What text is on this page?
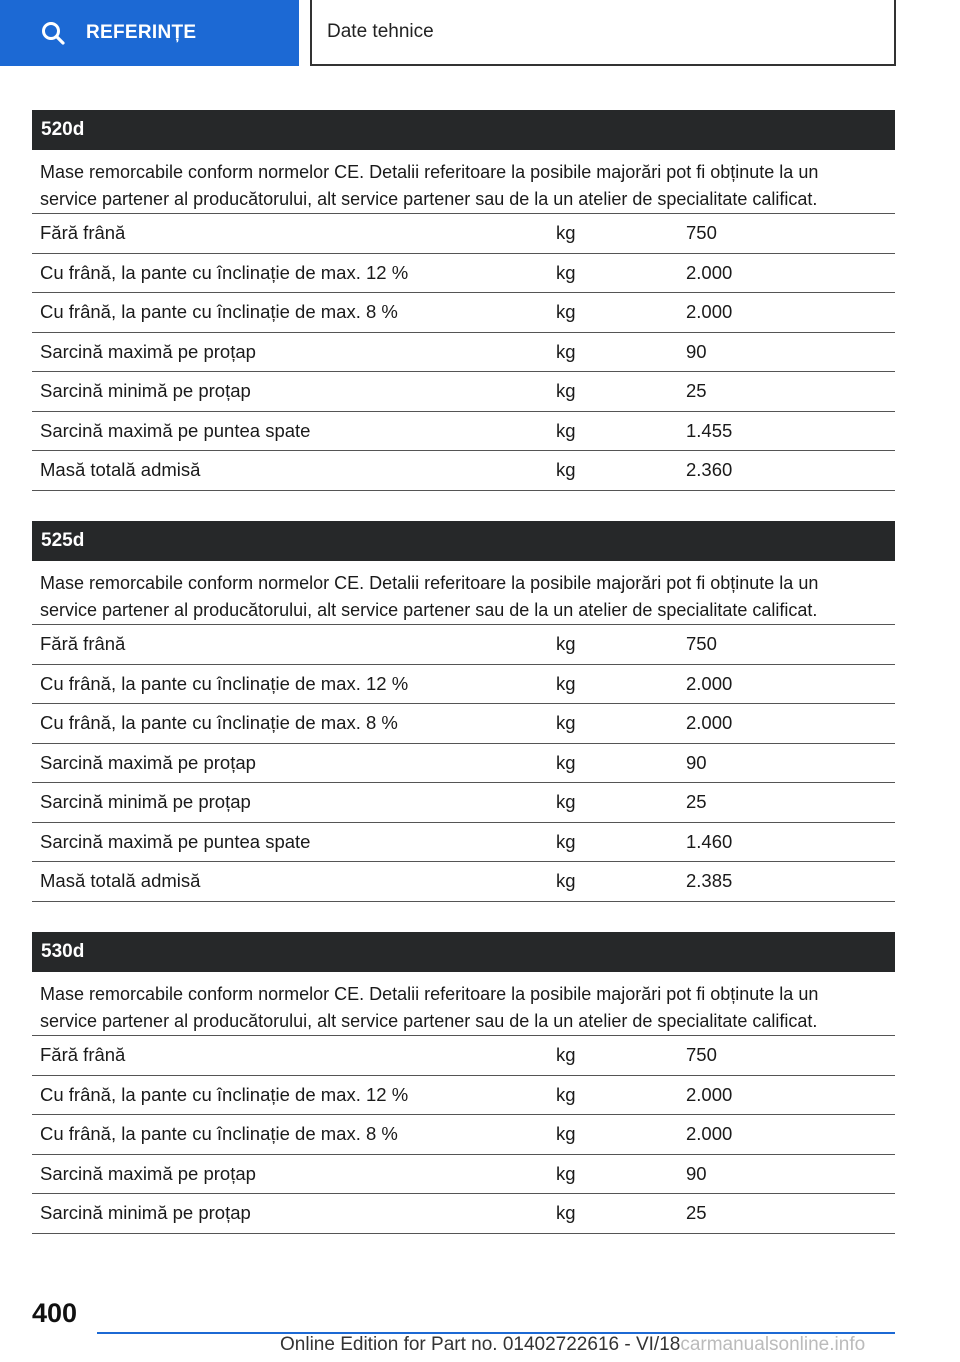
REFERINȚE	Date tehnice
520d
Mase remorcabile conform normelor CE. Detalii referitoare la posibile majorări pot fi obținute la un
service partener al producătorului, alt service partener sau de la un atelier de specialitate calificat.
Fără frână	kg	750
Cu frână, la pante cu înclinație de max. 12 %	kg	2.000
Cu frână, la pante cu înclinație de max. 8 %	kg	2.000
Sarcină maximă pe proțap	kg	90
Sarcină minimă pe proțap	kg	25
Sarcină maximă pe puntea spate	kg	1.455
Masă totală admisă	kg	2.360
525d
Mase remorcabile conform normelor CE. Detalii referitoare la posibile majorări pot fi obținute la un
service partener al producătorului, alt service partener sau de la un atelier de specialitate calificat.
Fără frână	kg	750
Cu frână, la pante cu înclinație de max. 12 %	kg	2.000
Cu frână, la pante cu înclinație de max. 8 %	kg	2.000
Sarcină maximă pe proțap	kg	90
Sarcină minimă pe proțap	kg	25
Sarcină maximă pe puntea spate	kg	1.460
Masă totală admisă	kg	2.385
530d
Mase remorcabile conform normelor CE. Detalii referitoare la posibile majorări pot fi obținute la un
service partener al producătorului, alt service partener sau de la un atelier de specialitate calificat.
Fără frână	kg	750
Cu frână, la pante cu înclinație de max. 12 %	kg	2.000
Cu frână, la pante cu înclinație de max. 8 %	kg	2.000
Sarcină maximă pe proțap	kg	90
Sarcină minimă pe proțap	kg	25
400
Online Edition for Part no. 01402722616 - VI/18carmanualsonline.info
